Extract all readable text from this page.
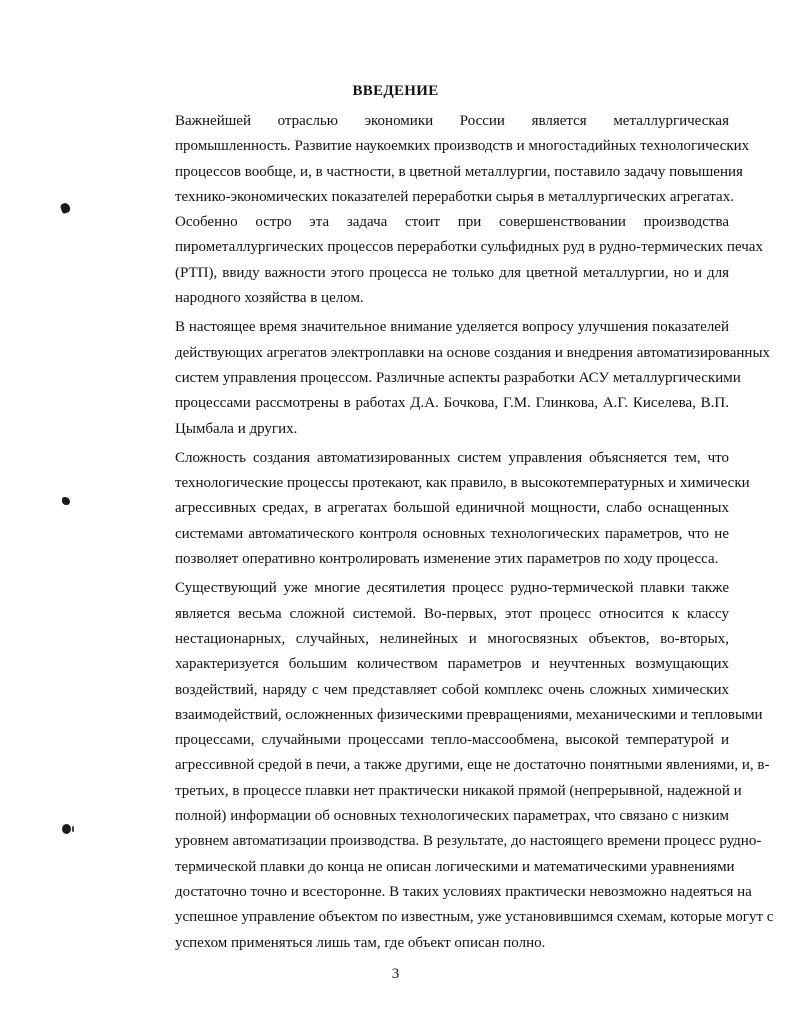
ВВЕДЕНИЕ
Важнейшей отраслью экономики России является металлургическая
промышленность. Развитие наукоемких производств и многостадийных технологических
процессов вообще, и, в частности, в цветной металлургии, поставило задачу повышения
технико-экономических показателей переработки сырья в металлургических агрегатах.
Особенно остро эта задача стоит при совершенствовании производства
пирометаллургических процессов переработки сульфидных руд в рудно-термических печах
(РТП), ввиду важности этого процесса не только для цветной металлургии, но и для
народного хозяйства в целом.
В настоящее время значительное внимание уделяется вопросу улучшения показателей
действующих агрегатов электроплавки на основе создания и внедрения автоматизированных
систем управления процессом. Различные аспекты разработки АСУ металлургическими
процессами рассмотрены в работах Д.А. Бочкова, Г.М. Глинкова, А.Г. Киселева, В.П.
Цымбала и других.
Сложность создания автоматизированных систем управления объясняется тем, что
технологические процессы протекают, как правило, в высокотемпературных и химически
агрессивных средах, в агрегатах большой единичной мощности, слабо оснащенных
системами автоматического контроля основных технологических параметров, что не
позволяет оперативно контролировать изменение этих параметров по ходу процесса.
Существующий уже многие десятилетия процесс рудно-термической плавки также
является весьма сложной системой. Во-первых, этот процесс относится к классу
нестационарных, случайных, нелинейных и многосвязных объектов, во-вторых,
характеризуется большим количеством параметров и неучтенных возмущающих
воздействий, наряду с чем представляет собой комплекс очень сложных химических
взаимодействий, осложненных физическими превращениями, механическими и тепловыми
процессами, случайными процессами тепло-массообмена, высокой температурой и
агрессивной средой в печи, а также другими, еще не достаточно понятными явлениями, и, в-
третьих, в процессе плавки нет практически никакой прямой (непрерывной, надежной и
полной) информации об основных технологических параметрах, что связано с низким
уровнем автоматизации производства. В результате, до настоящего времени процесс рудно-
термической плавки до конца не описан логическими и математическими уравнениями
достаточно точно и всесторонне. В таких условиях практически невозможно надеяться на
успешное управление объектом по известным, уже установившимся схемам, которые могут с
успехом применяться лишь там, где объект описан полно.
3
